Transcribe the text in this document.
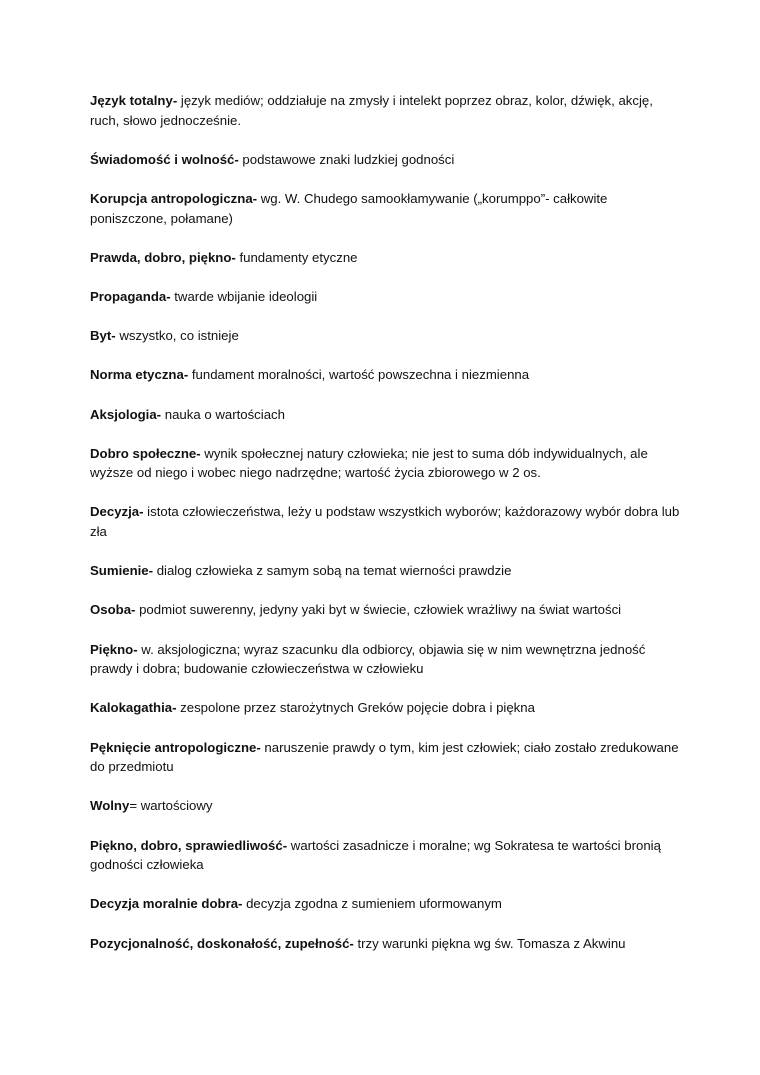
Język totalny- język mediów; oddziałuje na zmysły i intelekt poprzez obraz, kolor, dźwięk, akcję, ruch, słowo jednocześnie.

Świadomość i wolność- podstawowe znaki ludzkiej godności

Korupcja antropologiczna- wg. W. Chudego samookłamywanie („korumppo”- całkowite poniszczone, połamane)

Prawda, dobro, piękno- fundamenty etyczne

Propaganda- twarde wbijanie ideologii

Byt- wszystko, co istnieje

Norma etyczna- fundament moralności, wartość powszechna i niezmienna

Aksjologia- nauka o wartościach

Dobro społeczne- wynik społecznej natury człowieka; nie jest to suma dób indywidualnych, ale wyższe od niego i wobec niego nadrzędne; wartość życia zbiorowego w 2 os.

Decyzja- istota człowieczeństwa, leży u podstaw wszystkich wyborów; każdorazowy wybór dobra lub zła

Sumienie- dialog człowieka z samym sobą na temat wierności prawdzie

Osoba- podmiot suwerenny, jedyny yaki byt w świecie, człowiek wrażliwy na świat wartości

Piękno- w. aksjologiczna; wyraz szacunku dla odbiorcy, objawia się w nim wewnętrzna jedność prawdy i dobra; budowanie człowieczeństwa w człowieku

Kalokagathia- zespolone przez starożytnych Greków pojęcie dobra i piękna

Pęknięcie antropologiczne- naruszenie prawdy o tym, kim jest człowiek; ciało zostało zredukowane do przedmiotu

Wolny= wartościowy

Piękno, dobro, sprawiedliwość- wartości zasadnicze i moralne; wg Sokratesa te wartości bronią godności człowieka

Decyzja moralnie dobra- decyzja zgodna z sumieniem uformowanym

Pozycjonalność, doskonałość, zupełność- trzy warunki piękna wg św. Tomasza z Akwinu
